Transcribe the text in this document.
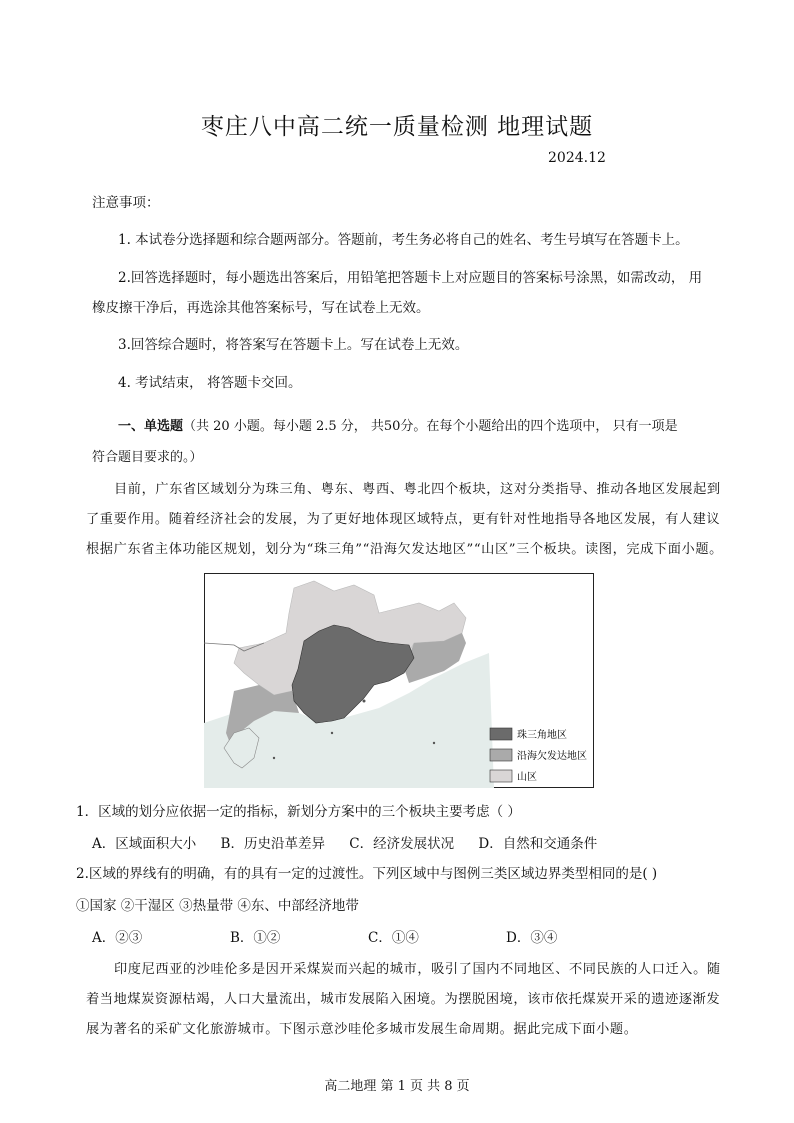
枣庄八中高二统一质量检测 地理试题
2024.12
注意事项：
1. 本试卷分选择题和综合题两部分。答题前，考生务必将自己的姓名、考生号填写在答题卡上。
2.回答选择题时，每小题选出答案后，用铅笔把答题卡上对应题目的答案标号涂黑，如需改动， 用
橡皮擦干净后，再选涂其他答案标号，写在试卷上无效。
3.回答综合题时，将答案写在答题卡上。写在试卷上无效。
4. 考试结束， 将答题卡交回。
一、单选题（共 20 小题。每小题 2.5 分， 共50分。在每个小题给出的四个选项中， 只有一项是
符合题目要求的。）
目前，广东省区域划分为珠三角、粤东、粤西、粤北四个板块，这对分类指导、推动各地区发展起到了重要作用。随着经济社会的发展，为了更好地体现区域特点，更有针对性地指导各地区发展，有人建议根据广东省主体功能区规划，划分为“珠三角”“沿海欠发达地区”“山区”三个板块。读图，完成下面小题。
珠三角地区
沿海欠发达地区
山区
1．区域的划分应依据一定的指标，新划分方案中的三个板块主要考虑（ ）
A．区域面积大小 B．历史沿革差异 C．经济发展状况 D．自然和交通条件
2.区域的界线有的明确，有的具有一定的过渡性。下列区域中与图例三类区域边界类型相同的是( )
①国家 ②干湿区 ③热量带 ④东、中部经济地带
A．②③	B．①②	C．①④	D．③④
印度尼西亚的沙哇伦多是因开采煤炭而兴起的城市，吸引了国内不同地区、不同民族的人口迁入。随着当地煤炭资源枯竭，人口大量流出，城市发展陷入困境。为摆脱困境，该市依托煤炭开采的遗迹逐渐发展为著名的采矿文化旅游城市。下图示意沙哇伦多城市发展生命周期。据此完成下面小题。
高二地理 第 1 页 共 8 页
